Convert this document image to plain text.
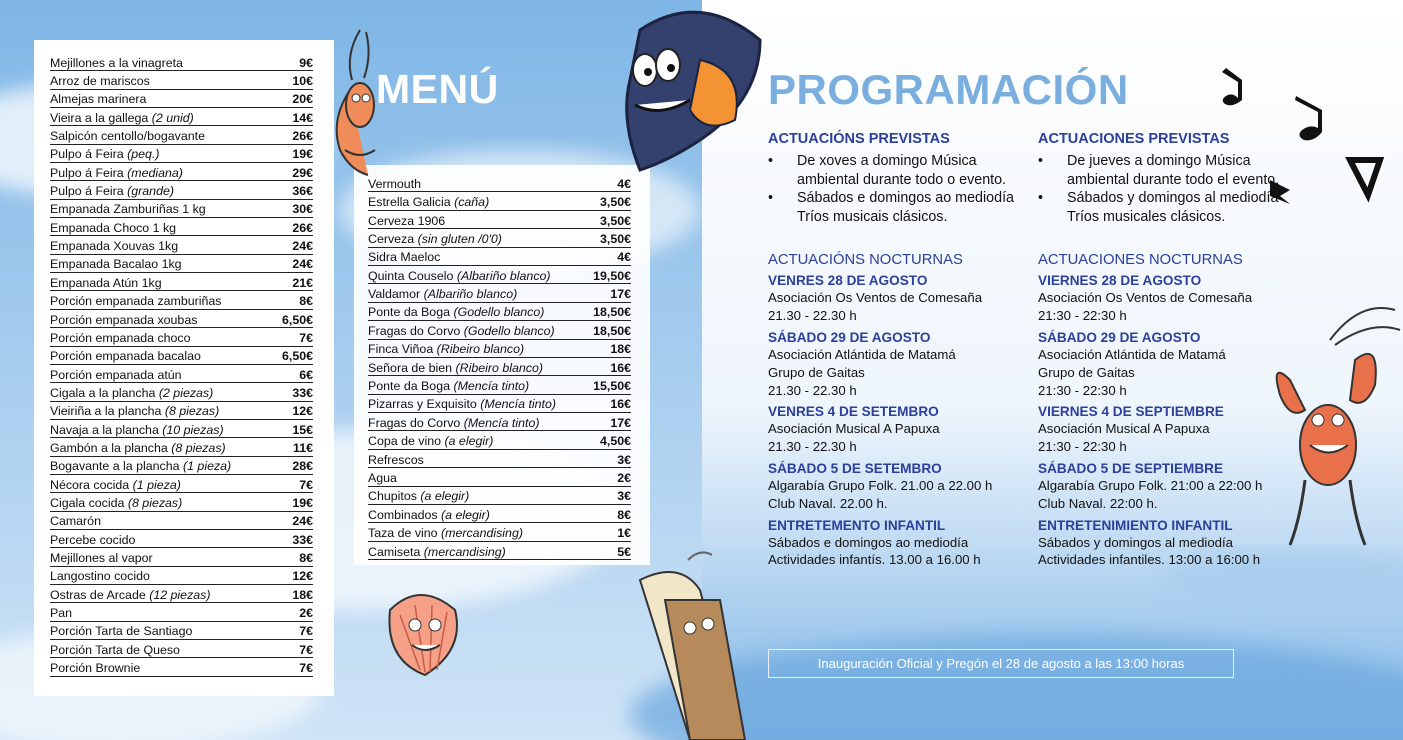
Mejillones a la vinagreta	9€
Arroz de mariscos	10€
Almejas marinera	20€
Vieira a la gallega (2 unid)	14€
Salpicón centollo/bogavante	26€
Pulpo á Feira (peq.)	19€
Pulpo á Feira (mediana)	29€
Pulpo á Feira (grande)	36€
Empanada Zamburiñas 1 kg	30€
Empanada Choco 1 kg	26€
Empanada Xouvas 1kg	24€
Empanada Bacalao 1kg	24€
Empanada Atún 1kg	21€
Porción empanada zamburiñas	8€
Porción empanada xoubas	6,50€
Porción empanada choco	7€
Porción empanada bacalao	6,50€
Porción empanada atún	6€
Cigala a la plancha (2 piezas)	33€
Vieiriña a la plancha (8 piezas)	12€
Navaja a la plancha (10 piezas)	15€
Gambón a la plancha (8 piezas)	11€
Bogavante a la plancha (1 pieza)	28€
Nécora cocida (1 pieza)	7€
Cigala cocida (8 piezas)	19€
Camarón	24€
Percebe cocido	33€
Mejillones al vapor	8€
Langostino cocido	12€
Ostras de Arcade (12 piezas)	18€
Pan	2€
Porción Tarta de Santiago	7€
Porción Tarta de Queso	7€
Porción Brownie	7€
MENÚ	PROGRAMACIÓN
Vermouth	4€
Estrella Galicia (caña)	3,50€
Cerveza 1906	3,50€
Cerveza (sin gluten /0'0)	3,50€
Sidra Maeloc	4€
Quinta Couselo (Albariño blanco)	19,50€
Valdamor (Albariño blanco)	17€
Ponte da Boga (Godello blanco)	18,50€
Fragas do Corvo (Godello blanco)	18,50€
Finca Viñoa (Ribeiro blanco)	18€
Señora de bien (Ribeiro blanco)	16€
Ponte da Boga (Mencía tinto)	15,50€
Pizarras y Exquisito (Mencía tinto)	16€
Fragas do Corvo (Mencía tinto)	17€
Copa de vino (a elegir)	4,50€
Refrescos	3€
Agua	2€
Chupitos (a elegir)	3€
Combinados (a elegir)	8€
Taza de vino (mercandising)	1€
Camiseta (mercandising)	5€
ACTUACIÓNS PREVISTAS
• De xoves a domingo Música ambiental durante todo o evento.
• Sábados e domingos ao mediodía Tríos musicais clásicos.
ACTUACIÓNS NOCTURNAS
VENRES 28 DE AGOSTO

Asociación Os Ventos de Comesaña

21.30 - 22.30 h

SÁBADO 29 DE AGOSTO

Asociación Atlántida de Matamá

Grupo de Gaitas

21.30 - 22.30 h

VENRES 4 DE SETEMBRO

Asociación Musical A Papuxa

21.30 - 22.30 h

SÁBADO 5 DE SETEMBRO

Algarabía Grupo Folk. 21.00 a 22.00 h

Club Naval. 22.00 h.

ENTRETEMENTO INFANTIL

Sábados e domingos ao mediodía

Actividades infantís. 13.00 a 16.00 h

ACTUACIONES PREVISTAS
• De jueves a domingo Música ambiental durante todo el evento.
• Sábados y domingos al mediodía Tríos musicales clásicos.
ACTUACIONES NOCTURNAS
VIERNES 28 DE AGOSTO

Asociación Os Ventos de Comesaña

21:30 - 22:30 h

SÁBADO 29 DE AGOSTO

Asociación Atlántida de Matamá

Grupo de Gaitas

21:30 - 22:30 h

VIERNES 4 DE SEPTIEMBRE

Asociación Musical A Papuxa

21:30 - 22:30 h

SÁBADO 5 DE SEPTIEMBRE

Algarabía Grupo Folk. 21:00 a 22:00 h

Club Naval. 22:00 h.

ENTRETENIMIENTO INFANTIL

Sábados y domingos al mediodía

Actividades infantiles. 13:00 a 16:00 h

Inauguración Oficial y Pregón el 28 de agosto a las 13:00 horas
